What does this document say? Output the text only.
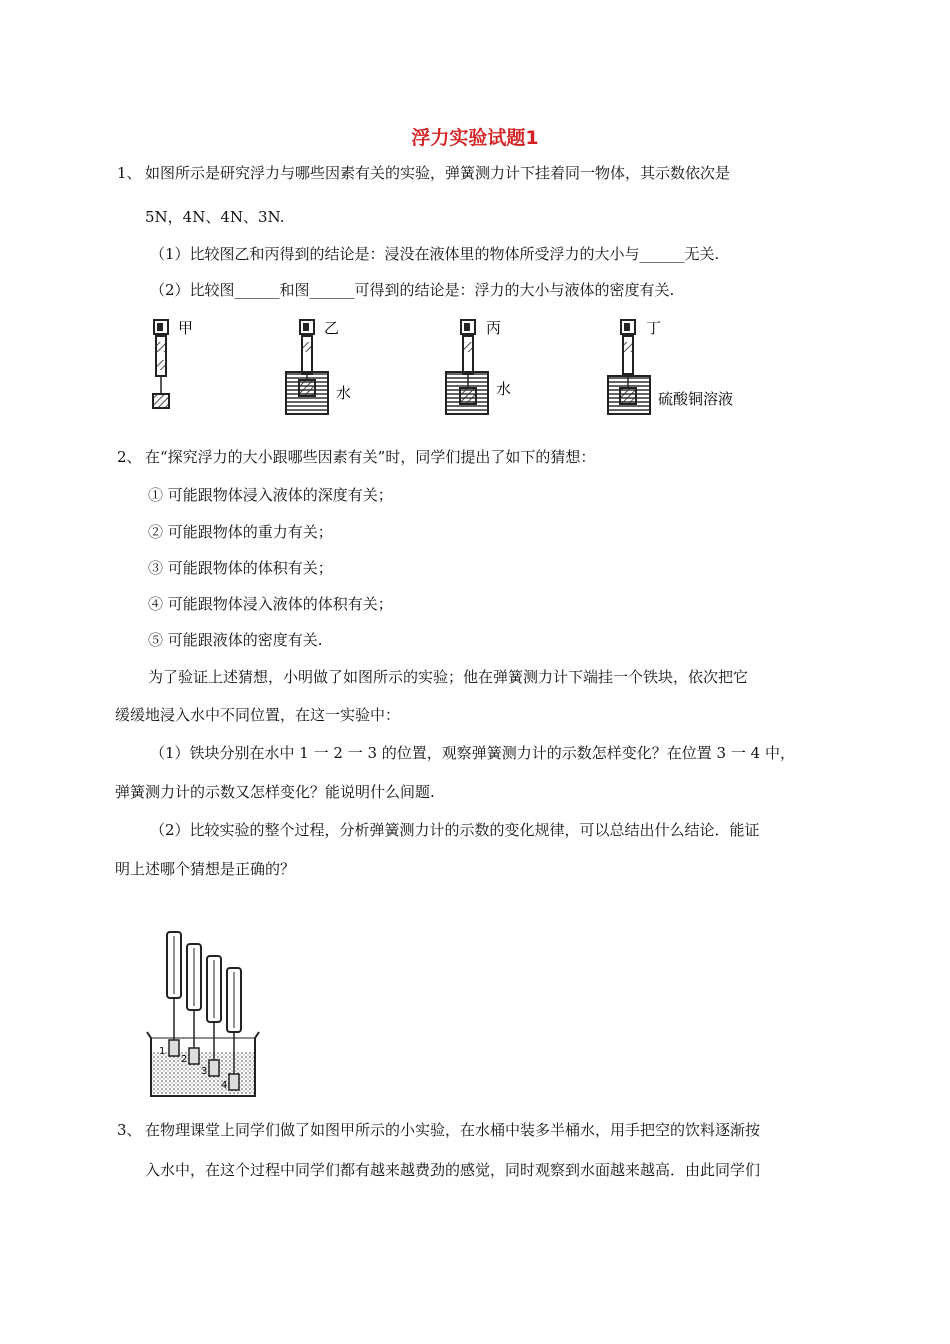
浮力实验试题1
1、 如图所示是研究浮力与哪些因素有关的实验，弹簧测力计下挂着同一物体，其示数依次是
5N，4N、4N、3N.
（1）比较图乙和丙得到的结论是：浸没在液体里的物体所受浮力的大小与______无关.
（2）比较图______和图______可得到的结论是：浮力的大小与液体的密度有关.
甲	乙
水
丙
水
丁
硫酸铜溶液
2、 在“探究浮力的大小跟哪些因素有关”时，同学们提出了如下的猜想：
① 可能跟物体浸入液体的深度有关；
② 可能跟物体的重力有关；
③ 可能跟物体的体积有关；
④ 可能跟物体浸入液体的体积有关；
⑤ 可能跟液体的密度有关.
为了验证上述猜想，小明做了如图所示的实验；他在弹簧测力计下端挂一个铁块，依次把它
缓缓地浸入水中不同位置，在这一实验中：
（1）铁块分别在水中 1 一 2 一 3 的位置，观察弹簧测力计的示数怎样变化？在位置 3 一 4 中，
弹簧测力计的示数又怎样变化？能说明什么间题.
（2）比较实验的整个过程，分析弹簧测力计的示数的变化规律，可以总结出什么结论．能证
明上述哪个猜想是正确的？
1
2
3
4
3、 在物理课堂上同学们做了如图甲所示的小实验，在水桶中装多半桶水，用手把空的饮料逐渐按
入水中，在这个过程中同学们都有越来越费劲的感觉，同时观察到水面越来越高．由此同学们
